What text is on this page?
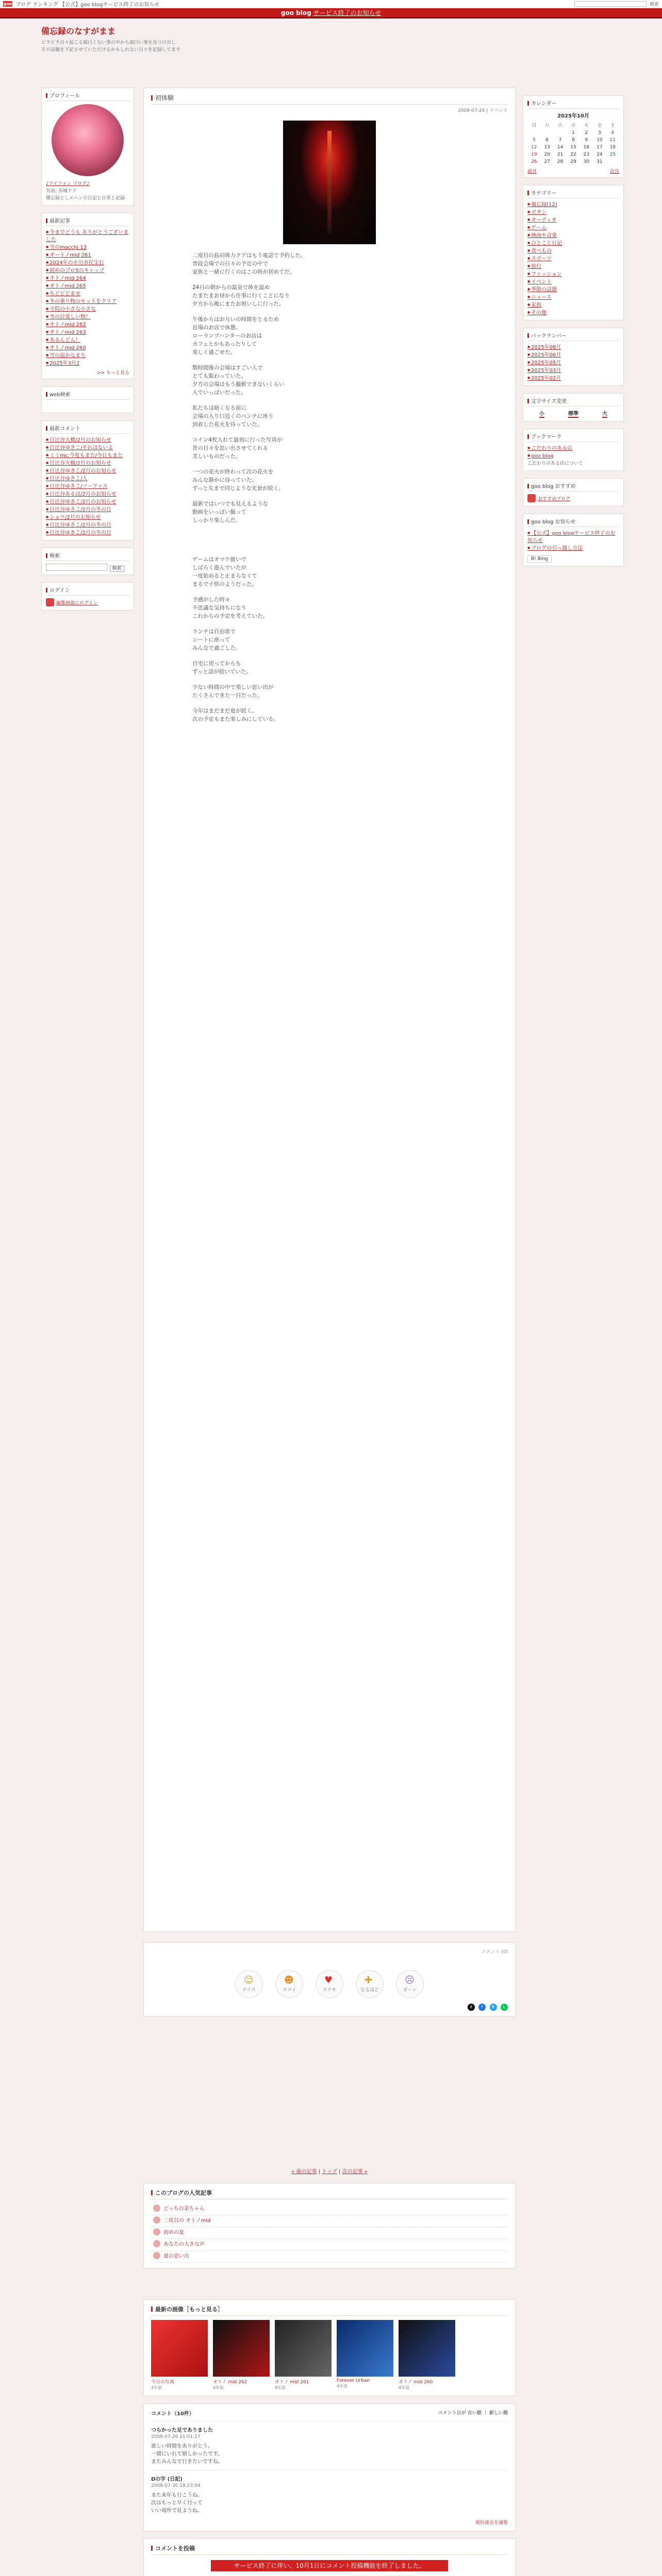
goo ブログ ランキング 【公式】goo blogサービス終了のお知らせ	検索
goo blog
サービス終了のお知らせ
備忘録のなすがまま

ビラビラ日々起こる面白くない事の中から面白い事を見つけ出し
その話題を下記させていただけるかもしれない日々を記録してます

プロフィール
♪アイフォン ブログ♪
名前: 赤城ナナ
備忘録としエハンの日記と日常と記録
最新記事
● 今までどうも ありがとうございました
● 雪のmacchi 13
● オートノmid 261
● 2024年のホ川市民宝石
● 初めのプロ5のキャップ
● オトノmid 264
● オトノmid 265
● ちどどどませ
● 冬の乗り物のセットをクリア
● 寺院の小さな小さな
● 雪の目覚しい物！
● オトノmid 262
● オトノmid 263
● あるんどん！
● オトノmid 260
● 雪の温かなまち
● 2025年3月2
>> もっと見る
web検索
最新コメント
● 日比谷大橋/2月のお知らせ
● 日比谷ゆきこ/それはないよ
● ミミmc.今度もまた/今日もまた
● 日比谷大橋/2月のお知らせ
● 日比谷ゆきこ/2月のお知らせ
● 日比谷ゆきこ/人
● 日比谷ゆきこ/ソーファス
● 日比谷あるは/2月のお知らせ
● 日比谷ゆきこ/2月のお知らせ
● 日比谷ゆきこ/2月の冬の日
● ショウ/2月のお知らせ
● 日比谷ゆきこ/2月の冬の日
● 日比谷ゆきこ/2月の冬の日
検索
検索
ログイン
編集画面にログイン
初体験
2008-07-24 | イベント

二度目の島田体力クアはもう電話で予約した。
普段会場での日々の予定の中で
家族と一緒に行くのはこの時が初めてだ。

24日の朝からの温泉で体を温め
たまたまお昼から仕事に行くことになり
夕方から晩にまたお祝いしに行った。

午後からはお互いの時間をとるため
近場のお店で休憩。
ローランプハンターのお店は
カフェとかもあったりして
楽しく過ごせた。

数時間後の会場はすごい人で
とても賑わっていた。
夕方の会場はもう撮影できないくらい
人でいっぱいだった。

私たちは暗くなる前に
会場の入り口近くのベンチに座り
到着した花火を待っていた。

コイン4枚入れて最初に行った写真が
昔の日々を思い出させてくれる
美しいものだった。

一つの花火が終わって次の花火を
みんな静かに待っていた。
ずっと先まで同じような光景が続く。

最新ではいつでも見えるような
動画をいっぱい撮って
しっかり楽しんだ。

ゲームはオマケ扱いで
しばらく遊んでいたが
一度始めると止まらなくて
まるで子供のようだった。

予感がした時々
不思議な気持ちになり
これからの予定を考えていた。

ランチは自由席で
シートに座って
みんなで過ごした。

自宅に戻ってからも
ずっと話が続いていた。

少ない時間の中で楽しい思い出が
たくさんできた一日だった。

今年はまだまだ夏が続く。
次の予定もまた楽しみにしている。

コメント (0)
☺ ナイス	☻ スゴイ	♥ ステキ	✚ なるほど	☹ ガーン
X f B L
« 前の記事 | トップ | 次の記事 »
このブログの人気記事
どっちの菜ちゃん
二度目の オトノmid
初めの夏
あなたの大きな声
夏の思い出
最新の画像［もっと見る］
今日の写真
4年前
オトノ mid 262
4年前
オトノ mid 261
4年前
Forever Urban
4年前
オトノ mid 260
4年前
コメント（10件）	コメント日が 古い順 ｜ 新しい順
つらかった足でありました
2008-07-26 21:01:17
楽しい時間をありがとう。
一緒にいれて嬉しかったです。
またみんなで行きたいですね。
Dの字 (日記)
2008-07-30 18:23:04
また来年も行こうね。
次はもっと早く行って
いい場所で見ようね。
規約違反を通報
コメントを投稿
サービス終了に伴い、10月1日にコメント投稿機能を終了しました。
カレンダー
2025年10月
日	月	火	水	木	金	土
			1	2	3	4
5	6	7	8	9	10	11
12	13	14	15	16	17	18
19	20	21	22	23	24	25
26	27	28	29	30	31	
前月	次月
カテゴリー
● 備忘録(12)
● ボタン
● オーディオ
● ゲーム
● 映画や音楽
● ひとこと日記
● 食べもの
● スポーツ
● 旅行
● ファッション
● イベント
● 季節の話題
● ニュース
● 家族
● その他
バックナンバー
● 2025年08月
● 2025年06月
● 2025年05月
● 2025年03月
● 2025年02月
文字サイズ変更
小	標準	大
ブックマーク
● こだわりのある店
● goo blog
こだわりのある店について
goo blog おすすめ
おすすめブログ
goo blog お知らせ
● 【公式】goo blogサービス終了のお知らせ
● ブログの引っ越し方法
B! Bing
